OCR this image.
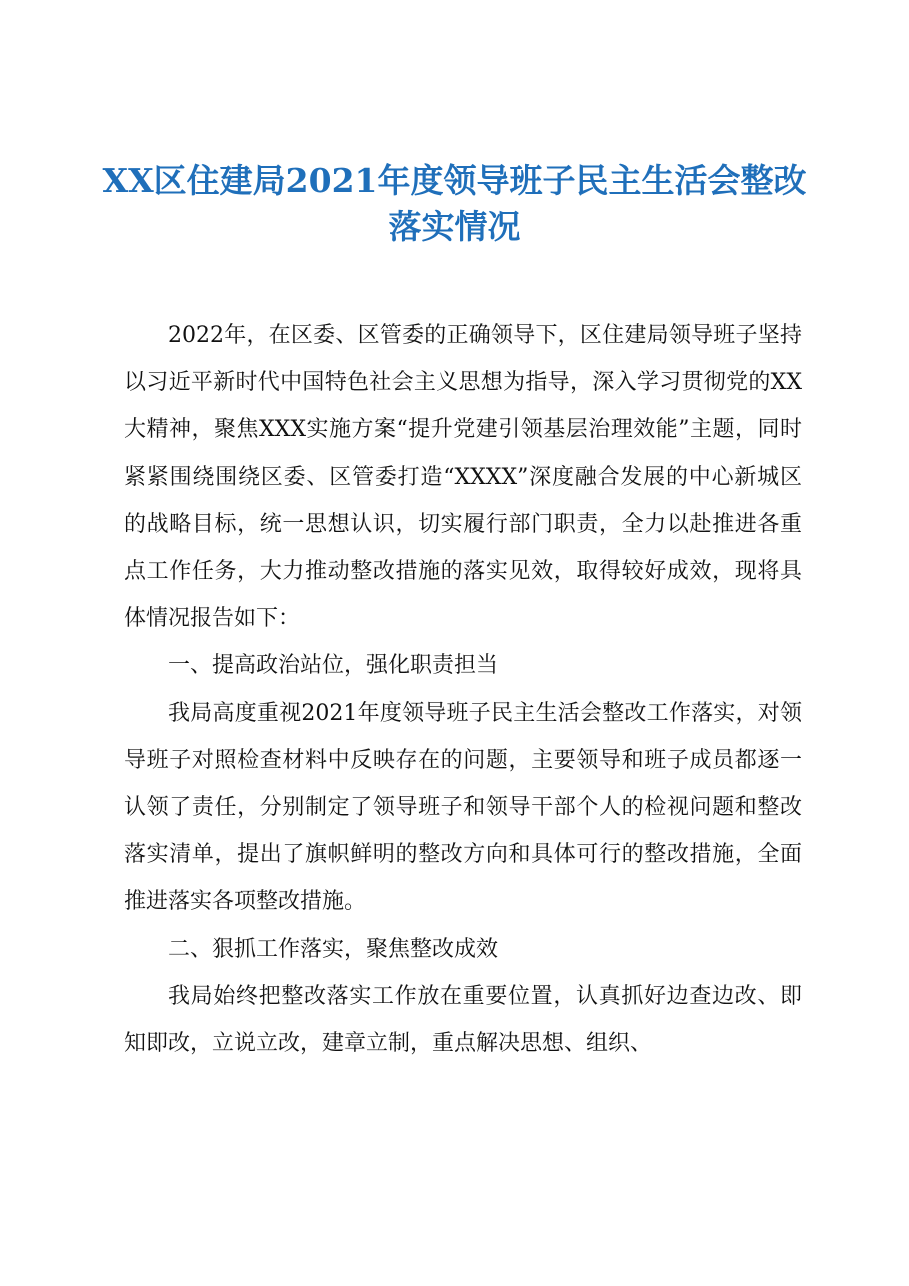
XX区住建局2021年度领导班子民主生活会整改落实情况

2022年，在区委、区管委的正确领导下，区住建局领导班子坚持以习近平新时代中国特色社会主义思想为指导，深入学习贯彻党的XX大精神，聚焦XXX实施方案“提升党建引领基层治理效能”主题，同时紧紧围绕围绕区委、区管委打造“XXXX”深度融合发展的中心新城区的战略目标，统一思想认识，切实履行部门职责，全力以赴推进各重点工作任务，大力推动整改措施的落实见效，取得较好成效，现将具体情况报告如下：

一、提高政治站位，强化职责担当

我局高度重视2021年度领导班子民主生活会整改工作落实，对领导班子对照检查材料中反映存在的问题，主要领导和班子成员都逐一认领了责任，分别制定了领导班子和领导干部个人的检视问题和整改落实清单，提出了旗帜鲜明的整改方向和具体可行的整改措施，全面推进落实各项整改措施。

二、狠抓工作落实，聚焦整改成效

我局始终把整改落实工作放在重要位置，认真抓好边查边改、即知即改，立说立改，建章立制，重点解决思想、组织、
